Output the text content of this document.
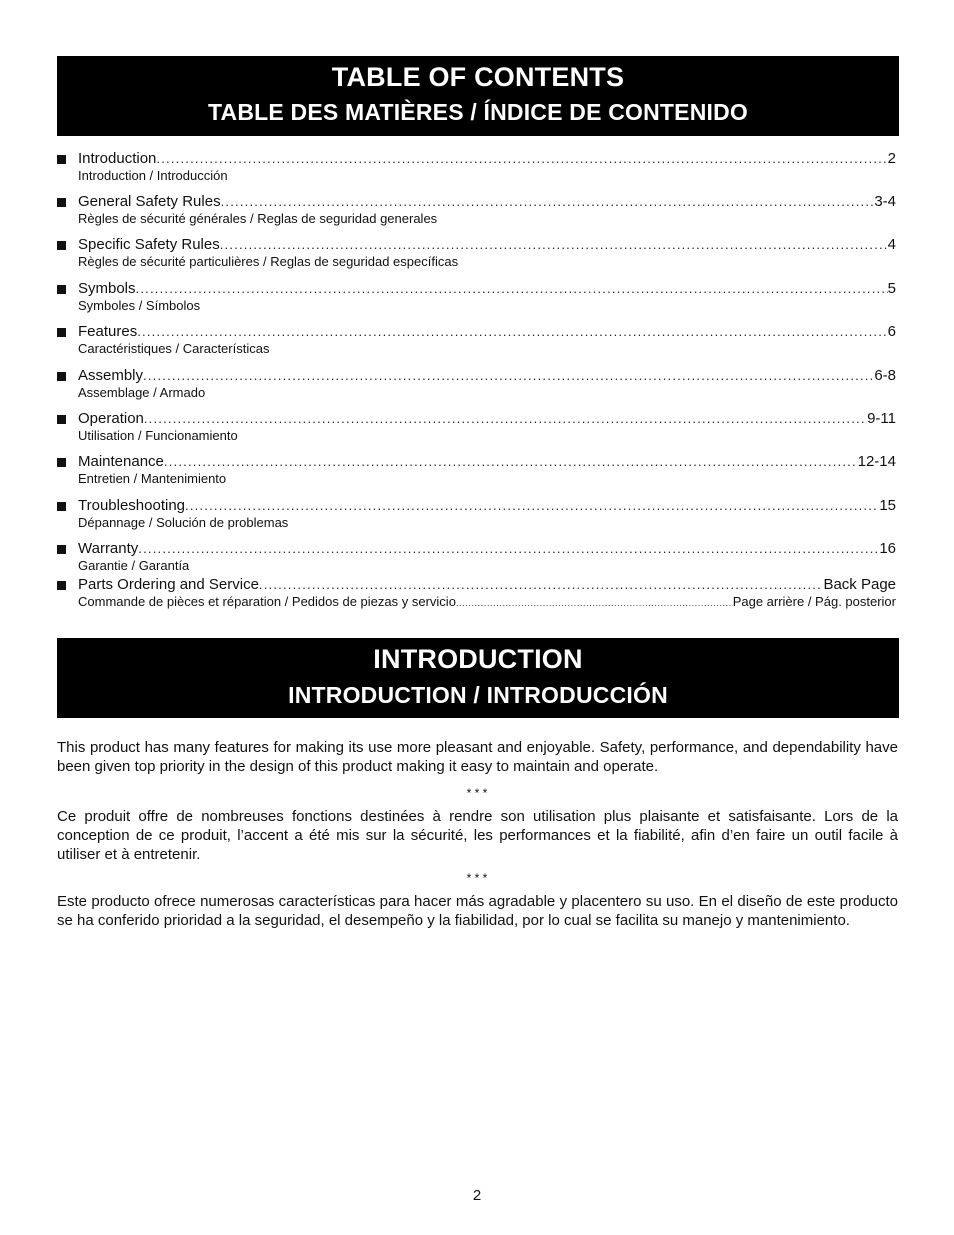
TABLE OF CONTENTS
TABLE DES MATIÈRES / ÍNDICE DE CONTENIDO
Introduction .....	2
Introduction / Introducción
General Safety Rules .....	3-4
Règles de sécurité générales / Reglas de seguridad generales
Specific Safety Rules .....	4
Règles de sécurité particulières / Reglas de seguridad específicas
Symbols .....	5
Symboles / Símbolos
Features .....	6
Caractéristiques / Características
Assembly .....	6-8
Assemblage / Armado
Operation .....	9-11
Utilisation / Funcionamiento
Maintenance .....	12-14
Entretien / Mantenimiento
Troubleshooting .....	15
Dépannage / Solución de problemas
Warranty .....	16
Garantie / Garantía
Parts Ordering and Service .....	Back Page
Commande de pièces et réparation / Pedidos de piezas y servicio .....	Page arrière / Pág. posterior
INTRODUCTION
INTRODUCTION / INTRODUCCIÓN

This product has many features for making its use more pleasant and enjoyable. Safety, performance, and dependability have been given top priority in the design of this product making it easy to maintain and operate.

* * *

Ce produit offre de nombreuses fonctions destinées à rendre son utilisation plus plaisante et satisfaisante. Lors de la conception de ce produit, l’accent a été mis sur la sécurité, les performances et la fiabilité, afin d’en faire un outil facile à utiliser et à entretenir.

* * *

Este producto ofrece numerosas características para hacer más agradable y placentero su uso. En el diseño de este producto se ha conferido prioridad a la seguridad, el desempeño y la fiabilidad, por lo cual se facilita su manejo y mantenimiento.

2
